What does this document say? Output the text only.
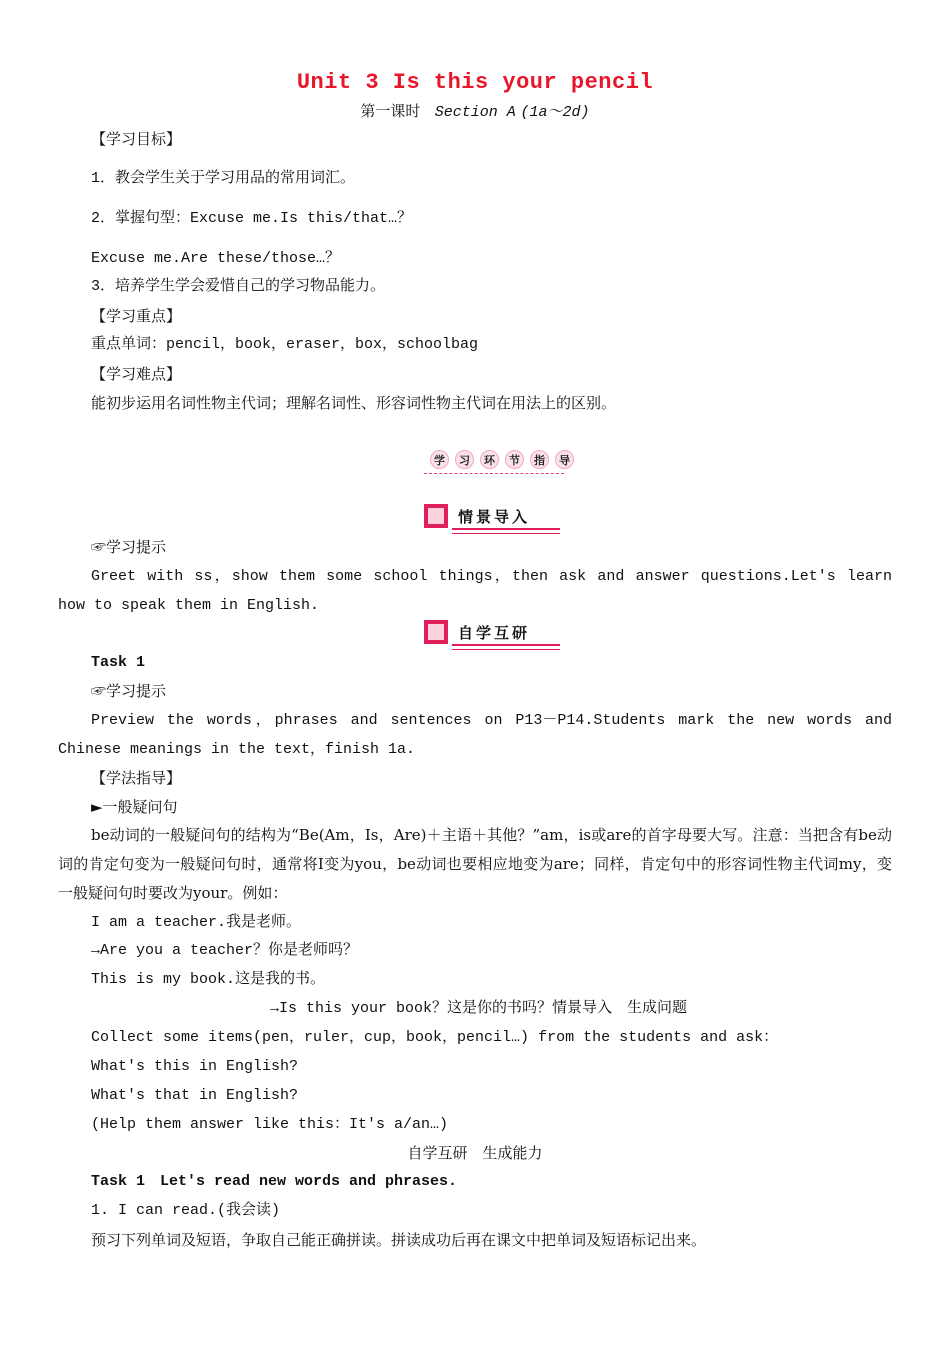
Unit 3 Is this your pencil
第一课时 Section A (1a～2d)
【学习目标】
1．教会学生关于学习用品的常用词汇。
2．掌握句型：Excuse me.Is this/that…？
Excuse me.Are these/those…？
3．培养学生学会爱惜自己的学习物品能力。
【学习重点】
重点单词：pencil，book，eraser，box，schoolbag
【学习难点】
能初步运用名词性物主代词；理解名词性、形容词性物主代词在用法上的区别。
学	习	环	节	指	导
情景导入
☞学习提示
Greet with ss，show them some school things，then ask and answer questions.Let's learn how to speak them in English.
自学互研
Task 1
☞学习提示
Preview the words，phrases and sentences on P13－P14.Students mark the new words and Chinese meanings in the text，finish 1a.
【学法指导】
►一般疑问句
be动词的一般疑问句的结构为“Be(Am，Is，Are)＋主语＋其他？”am，is或are的首字母要大写。注意：当把含有be动词的肯定句变为一般疑问句时，通常将I变为you，be动词也要相应地变为are；同样，肯定句中的形容词性物主代词my，变一般疑问句时要改为your。例如：
I am a teacher.我是老师。
→Are you a teacher？你是老师吗？
This is my book.这是我的书。
→Is this your book？这是你的书吗？情景导入　生成问题
Collect some items(pen，ruler，cup，book，pencil…) from the students and ask：
What's this in English?
What's that in English?
(Help them answer like this：It's a/an…)
自学互研　生成能力
Task 1　Let's read new words and phrases.
1. I can read.(我会读)
预习下列单词及短语，争取自己能正确拼读。拼读成功后再在课文中把单词及短语标记出来。
